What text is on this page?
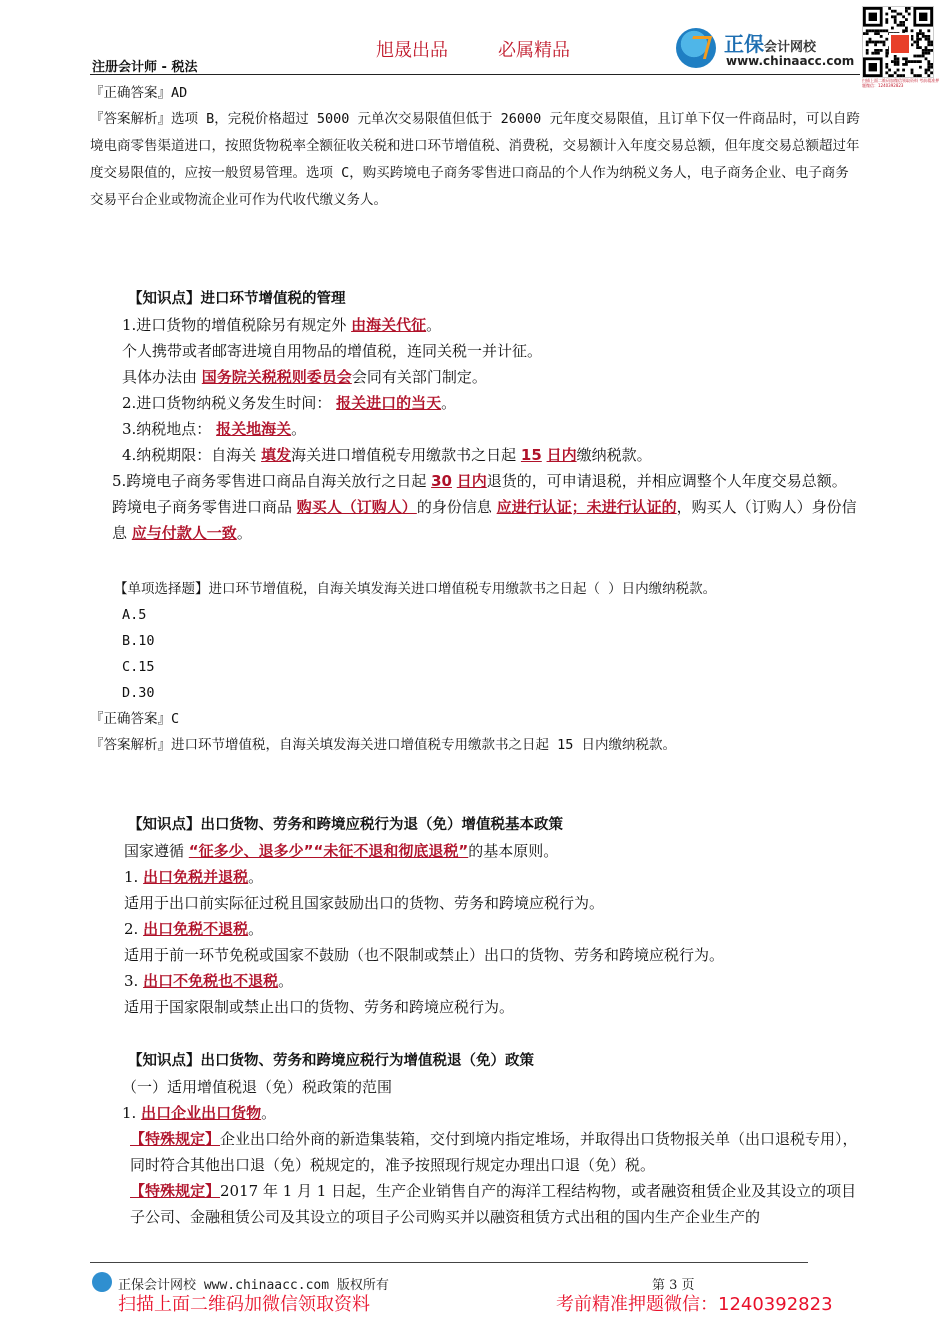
旭晟出品	必属精品
注册会计师 - 税法
正保会计网校
www.chinaacc.com
扫描上面二维码加微信领取资料 考前精准押题微信：1240392823

『正确答案』AD

『答案解析』选项 B，完税价格超过 5000 元单次交易限值但低于 26000 元年度交易限值，且订单下仅一件商品时，可以自跨境电商零售渠道进口，按照货物税率全额征收关税和进口环节增值税、消费税，交易额计入年度交易总额，但年度交易总额超过年度交易限值的，应按一般贸易管理。选项 C，购买跨境电子商务零售进口商品的个人作为纳税义务人，电子商务企业、电子商务交易平台企业或物流企业可作为代收代缴义务人。

【知识点】进口环节增值税的管理

1.进口货物的增值税除另有规定外 由海关代征。

个人携带或者邮寄进境自用物品的增值税，连同关税一并计征。

具体办法由 国务院关税税则委员会会同有关部门制定。

2.进口货物纳税义务发生时间： 报关进口的当天。

3.纳税地点： 报关地海关。

4.纳税期限：自海关 填发海关进口增值税专用缴款书之日起 15 日内缴纳税款。

5.跨境电子商务零售进口商品自海关放行之日起 30 日内退货的，可申请退税，并相应调整个人年度交易总额。

跨境电子商务零售进口商品 购买人（订购人）的身份信息 应进行认证；未进行认证的，购买人（订购人）身份信息 应与付款人一致。

【单项选择题】进口环节增值税，自海关填发海关进口增值税专用缴款书之日起（ ）日内缴纳税款。

A.5

B.10

C.15

D.30

『正确答案』C

『答案解析』进口环节增值税，自海关填发海关进口增值税专用缴款书之日起 15 日内缴纳税款。

【知识点】出口货物、劳务和跨境应税行为退（免）增值税基本政策

国家遵循 “征多少、退多少”“未征不退和彻底退税”的基本原则。

1. 出口免税并退税。

适用于出口前实际征过税且国家鼓励出口的货物、劳务和跨境应税行为。

2. 出口免税不退税。

适用于前一环节免税或国家不鼓励（也不限制或禁止）出口的货物、劳务和跨境应税行为。

3. 出口不免税也不退税。

适用于国家限制或禁止出口的货物、劳务和跨境应税行为。

【知识点】出口货物、劳务和跨境应税行为增值税退（免）政策

（一）适用增值税退（免）税政策的范围

1. 出口企业出口货物。

【特殊规定】企业出口给外商的新造集装箱，交付到境内指定堆场，并取得出口货物报关单（出口退税专用），同时符合其他出口退（免）税规定的，准予按照现行规定办理出口退（免）税。

【特殊规定】2017 年 1 月 1 日起，生产企业销售自产的海洋工程结构物，或者融资租赁企业及其设立的项目子公司、金融租赁公司及其设立的项目子公司购买并以融资租赁方式出租的国内生产企业生产的

正保会计网校 www.chinaacc.com 版权所有	第 3 页
扫描上面二维码加微信领取资料	考前精准押题微信：1240392823
